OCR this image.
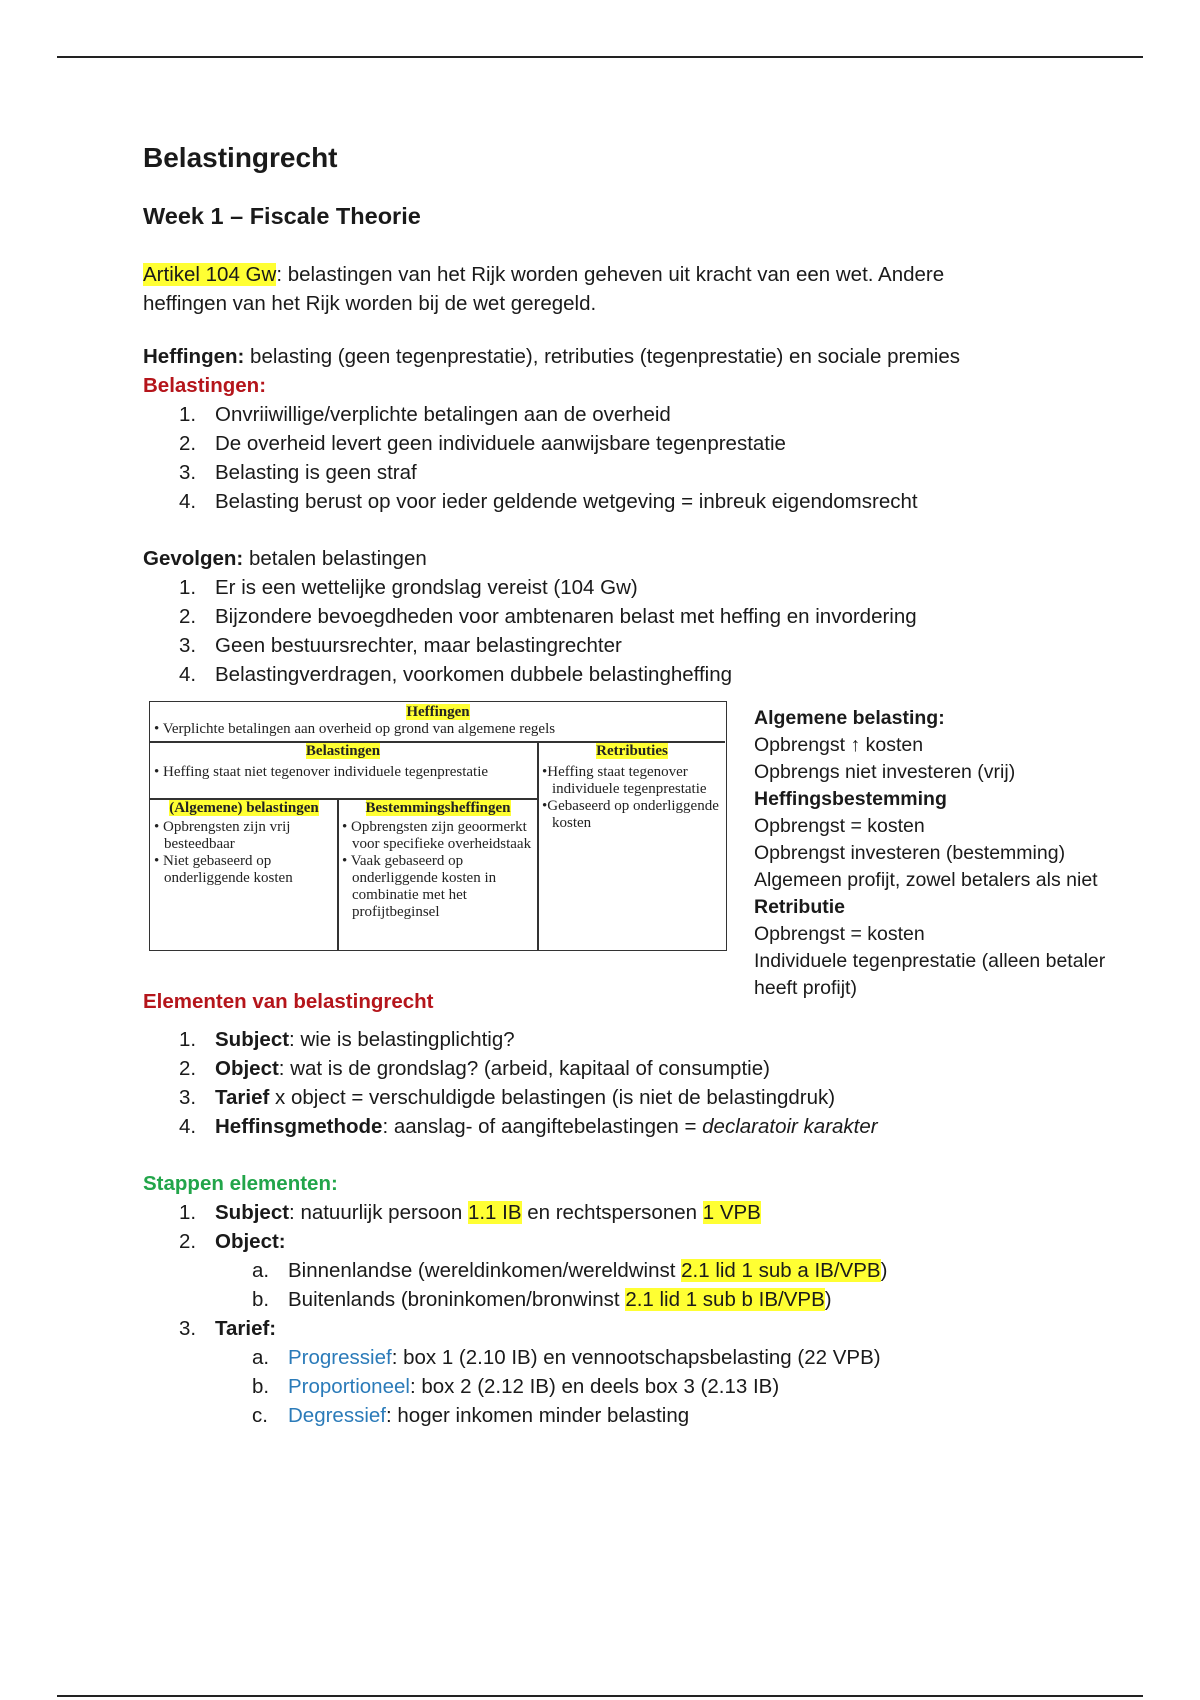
Belastingrecht
Week 1 – Fiscale Theorie

Artikel 104 Gw: belastingen van het Rijk worden geheven uit kracht van een wet. Andere

heffingen van het Rijk worden bij de wet geregeld.

Heffingen: belasting (geen tegenprestatie), retributies (tegenprestatie) en sociale premies

Belastingen:

1. Onvriiwillige/verplichte betalingen aan de overheid
2. De overheid levert geen individuele aanwijsbare tegenprestatie
3. Belasting is geen straf
4. Belasting berust op voor ieder geldende wetgeving = inbreuk eigendomsrecht

Gevolgen: betalen belastingen

1. Er is een wettelijke grondslag vereist (104 Gw)
2. Bijzondere bevoegdheden voor ambtenaren belast met heffing en invordering
3. Geen bestuursrechter, maar belastingrechter
4. Belastingverdragen, voorkomen dubbele belastingheffing
Heffingen
• Verplichte betalingen aan overheid op grond van algemene regels
Belastingen
• Heffing staat niet tegenover individuele tegenprestatie
Retributies
•Heffing staat tegenover individuele tegenprestatie
•Gebaseerd op onderliggende kosten
(Algemene) belastingen
• Opbrengsten zijn vrij besteedbaar
• Niet gebaseerd op onderliggende kosten
Bestemmingsheffingen
• Opbrengsten zijn geoormerkt voor specifieke overheidstaak
• Vaak gebaseerd op onderliggende kosten in combinatie met het profijtbeginsel

Algemene belasting:

Opbrengst ↑ kosten

Opbrengs niet investeren (vrij)

Heffingsbestemming

Opbrengst = kosten

Opbrengst investeren (bestemming)

Algemeen profijt, zowel betalers als niet

Retributie

Opbrengst = kosten

Individuele tegenprestatie (alleen betaler heeft profijt)

Elementen van belastingrecht
1. Subject: wie is belastingplichtig?
2. Object: wat is de grondslag? (arbeid, kapitaal of consumptie)
3. Tarief x object = verschuldigde belastingen (is niet de belastingdruk)
4. Heffinsgmethode: aanslag- of aangiftebelastingen = declaratoir karakter

Stappen elementen:

1. Subject: natuurlijk persoon 1.1 IB en rechtspersonen 1 VPB
2. Object:
a. Binnenlandse (wereldinkomen/wereldwinst 2.1 lid 1 sub a IB/VPB)
b. Buitenlands (broninkomen/bronwinst 2.1 lid 1 sub b IB/VPB)
3. Tarief:
a. Progressief: box 1 (2.10 IB) en vennootschapsbelasting (22 VPB)
b. Proportioneel: box 2 (2.12 IB) en deels box 3 (2.13 IB)
c. Degressief: hoger inkomen minder belasting
